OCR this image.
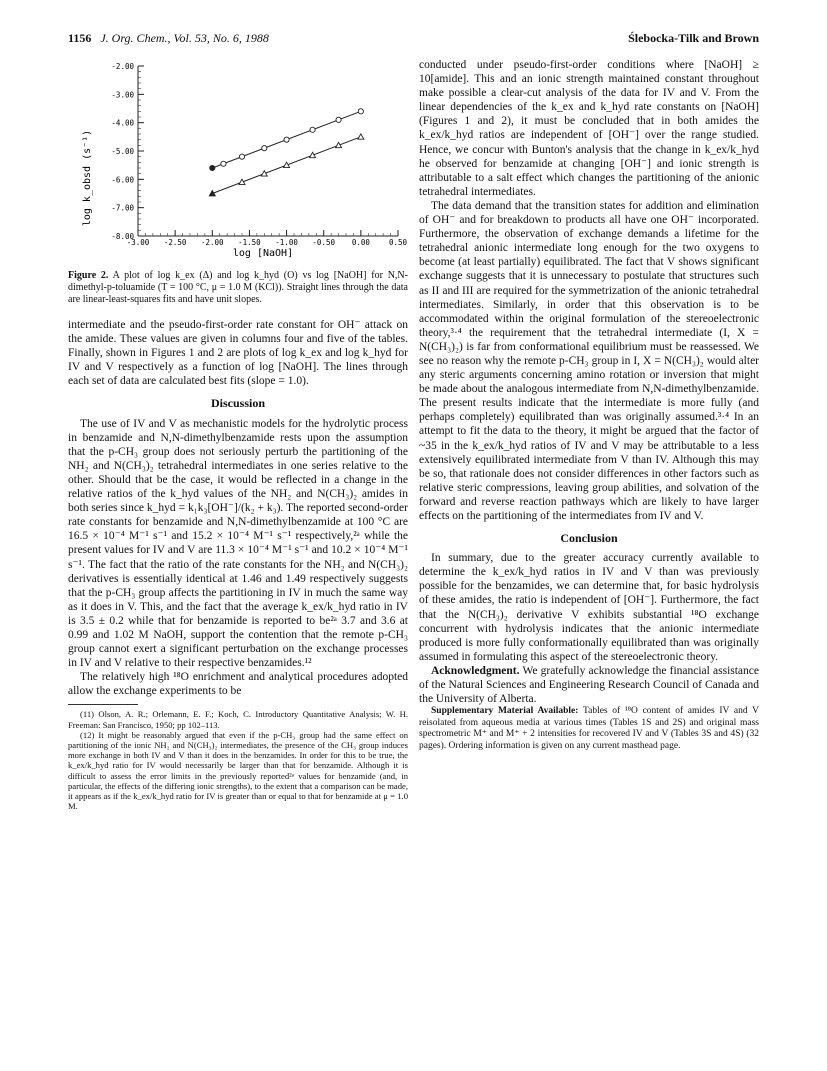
1156 J. Org. Chem., Vol. 53, No. 6, 1988	Ślebocka-Tilk and Brown
-2.00
-3.00
-4.00
-5.00
-6.00
-7.00
-8.00
-3.00 -2.50 -2.00 -1.50 -1.00 -0.50 0.00	0.50
log [NaOH]
log k_obsd (s⁻¹)
Figure 2. A plot of log k_ex (Δ) and log k_hyd (O) vs log [NaOH] for N,N-dimethyl-p-toluamide (T = 100 °C, μ = 1.0 M (KCl)). Straight lines through the data are linear-least-squares fits and have unit slopes.

intermediate and the pseudo-first-order rate constant for OH⁻ attack on the amide. These values are given in columns four and five of the tables. Finally, shown in Figures 1 and 2 are plots of log k_ex and log k_hyd for IV and V respectively as a function of log [NaOH]. The lines through each set of data are calculated best fits (slope = 1.0).

Discussion

The use of IV and V as mechanistic models for the hydrolytic process in benzamide and N,N-dimethylbenzamide rests upon the assumption that the p-CH₃ group does not seriously perturb the partitioning of the NH₂ and N(CH₃)₂ tetrahedral intermediates in one series relative to the other. Should that be the case, it would be reflected in a change in the relative ratios of the k_hyd values of the NH₂ and N(CH₃)₂ amides in both series since k_hyd = k₁k₃[OH⁻]/(k₂ + k₃). The reported second-order rate constants for benzamide and N,N-dimethylbenzamide at 100 °C are 16.5 × 10⁻⁴ M⁻¹ s⁻¹ and 15.2 × 10⁻⁴ M⁻¹ s⁻¹ respectively,²ᵃ while the present values for IV and V are 11.3 × 10⁻⁴ M⁻¹ s⁻¹ and 10.2 × 10⁻⁴ M⁻¹ s⁻¹. The fact that the ratio of the rate constants for the NH₂ and N(CH₃)₂ derivatives is essentially identical at 1.46 and 1.49 respectively suggests that the p-CH₃ group affects the partitioning in IV in much the same way as it does in V. This, and the fact that the average k_ex/k_hyd ratio in IV is 3.5 ± 0.2 while that for benzamide is reported to be²ᵃ 3.7 and 3.6 at 0.99 and 1.02 M NaOH, support the contention that the remote p-CH₃ group cannot exert a significant perturbation on the exchange processes in IV and V relative to their respective benzamides.¹²

The relatively high ¹⁸O enrichment and analytical procedures adopted allow the exchange experiments to be

(11) Olson, A. R.; Orlemann, E. F.; Koch, C. Introductory Quantitative Analysis; W. H. Freeman: San Francisco, 1950; pp 102–113.

(12) It might be reasonably argued that even if the p-CH₃ group had the same effect on partitioning of the ionic NH₂ and N(CH₃)₂ intermediates, the presence of the CH₃ group induces more exchange in both IV and V than it does in the benzamides. In order for this to be true, the k_ex/k_hyd ratio for IV would necessarily be larger than that for benzamide. Although it is difficult to assess the error limits in the previously reported²ᵃ values for benzamide (and, in particular, the effects of the differing ionic strengths), to the extent that a comparison can be made, it appears as if the k_ex/k_hyd ratio for IV is greater than or equal to that for benzamide at μ = 1.0 M.

conducted under pseudo-first-order conditions where [NaOH] ≥ 10[amide]. This and an ionic strength maintained constant throughout make possible a clear-cut analysis of the data for IV and V. From the linear dependencies of the k_ex and k_hyd rate constants on [NaOH] (Figures 1 and 2), it must be concluded that in both amides the k_ex/k_hyd ratios are independent of [OH⁻] over the range studied. Hence, we concur with Bunton's analysis that the change in k_ex/k_hyd he observed for benzamide at changing [OH⁻] and ionic strength is attributable to a salt effect which changes the partitioning of the anionic tetrahedral intermediates.

The data demand that the transition states for addition and elimination of OH⁻ and for breakdown to products all have one OH⁻ incorporated. Furthermore, the observation of exchange demands a lifetime for the tetrahedral anionic intermediate long enough for the two oxygens to become (at least partially) equilibrated. The fact that V shows significant exchange suggests that it is unnecessary to postulate that structures such as II and III are required for the symmetrization of the anionic tetrahedral intermediates. Similarly, in order that this observation is to be accommodated within the original formulation of the stereoelectronic theory,³·⁴ the requirement that the tetrahedral intermediate (I, X = N(CH₃)₂) is far from conformational equilibrium must be reassessed. We see no reason why the remote p-CH₃ group in I, X = N(CH₃)₂ would alter any steric arguments concerning amino rotation or inversion that might be made about the analogous intermediate from N,N-dimethylbenzamide. The present results indicate that the intermediate is more fully (and perhaps completely) equilibrated than was originally assumed.³·⁴ In an attempt to fit the data to the theory, it might be argued that the factor of ~35 in the k_ex/k_hyd ratios of IV and V may be attributable to a less extensively equilibrated intermediate from V than IV. Although this may be so, that rationale does not consider differences in other factors such as relative steric compressions, leaving group abilities, and solvation of the forward and reverse reaction pathways which are likely to have larger effects on the partitioning of the intermediates from IV and V.

Conclusion

In summary, due to the greater accuracy currently available to determine the k_ex/k_hyd ratios in IV and V than was previously possible for the benzamides, we can determine that, for basic hydrolysis of these amides, the ratio is independent of [OH⁻]. Furthermore, the fact that the N(CH₃)₂ derivative V exhibits substantial ¹⁸O exchange concurrent with hydrolysis indicates that the anionic intermediate produced is more fully conformationally equilibrated than was originally assumed in formulating this aspect of the stereoelectronic theory.

Acknowledgment. We gratefully acknowledge the financial assistance of the Natural Sciences and Engineering Research Council of Canada and the University of Alberta.

Supplementary Material Available: Tables of ¹⁸O content of amides IV and V reisolated from aqueous media at various times (Tables 1S and 2S) and original mass spectrometric M⁺ and M⁺ + 2 intensities for recovered IV and V (Tables 3S and 4S) (32 pages). Ordering information is given on any current masthead page.
